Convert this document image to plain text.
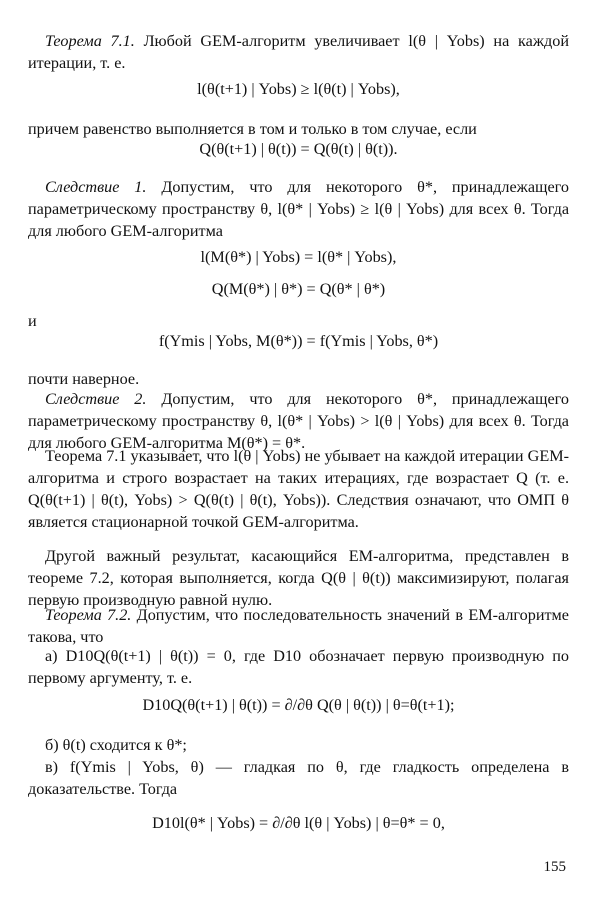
Теорема 7.1. Любой GEM-алгоритм увеличивает l(θ | Yobs) на каждой итерации, т. е.

l(θ(t+1) | Yobs) ≥ l(θ(t) | Yobs),

причем равенство выполняется в том и только в том случае, если

Q(θ(t+1) | θ(t)) = Q(θ(t) | θ(t)).

Следствие 1. Допустим, что для некоторого θ*, принадлежащего параметрическому пространству θ, l(θ* | Yobs) ≥ l(θ | Yobs) для всех θ. Тогда для любого GEM-алгоритма

l(M(θ*) | Yobs) = l(θ* | Yobs),
Q(M(θ*) | θ*) = Q(θ* | θ*)

и

f(Ymis | Yobs, M(θ*)) = f(Ymis | Yobs, θ*)

почти наверное.

Следствие 2. Допустим, что для некоторого θ*, принадлежащего параметрическому пространству θ, l(θ* | Yobs) > l(θ | Yobs) для всех θ. Тогда для любого GEM-алгоритма M(θ*) = θ*.

Теорема 7.1 указывает, что l(θ | Yobs) не убывает на каждой итерации GEM-алгоритма и строго возрастает на таких итерациях, где возрастает Q (т. е. Q(θ(t+1) | θ(t), Yobs) > Q(θ(t) | θ(t), Yobs)). Следствия означают, что ОМП θ является стационарной точкой GEM-алгоритма.

Другой важный результат, касающийся EM-алгоритма, представлен в теореме 7.2, которая выполняется, когда Q(θ | θ(t)) максимизируют, полагая первую производную равной нулю.

Теорема 7.2. Допустим, что последовательность значений в EM-алгоритме такова, что

а) D10Q(θ(t+1) | θ(t)) = 0, где D10 обозначает первую производную по первому аргументу, т. е.

D10Q(θ(t+1) | θ(t)) = ∂/∂θ Q(θ | θ(t)) | θ=θ(t+1);

б) θ(t) сходится к θ*;

в) f(Ymis | Yobs, θ) — гладкая по θ, где гладкость определена в доказательстве. Тогда

D10l(θ* | Yobs) = ∂/∂θ l(θ | Yobs) | θ=θ* = 0,
155
